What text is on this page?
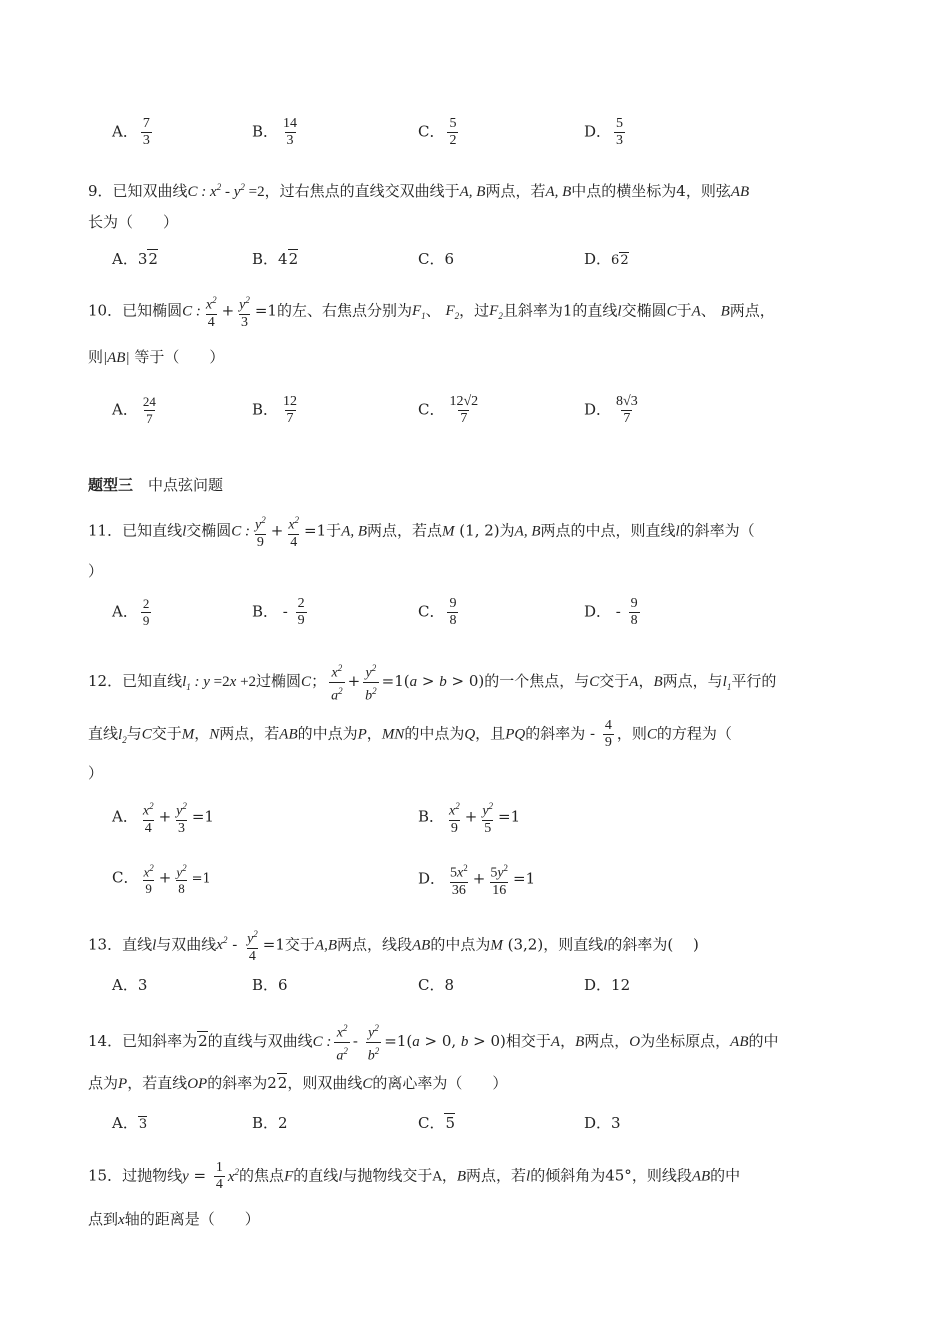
A． $\frac{7}{3}$	B． $\frac{14}{3}$	C． $\frac{5}{2}$	D． $\frac{5}{3}$
9．已知双曲线C : $x^2 - y^2 =2$，过右焦点的直线交双曲线于A, B两点，若A, B中点的横坐标为4，则弦AB
长为（　　）
A．32	B．42	C．6	D．62
10．已知椭圆C : $\frac{x^2}{4} + \frac{y^2}{3} =1$的左、右焦点分别为$F_1$、 $F_2$，过$F_2$且斜率为1的直线l交椭圆C于A、 B两点，
则|AB| 等于（　　）
A． $\frac{24}{7}$	B． $\frac{12}{7}$	C． $\frac{12√2}{7}$	D． $\frac{8√3}{7}$
题型三　 中点弦问题
11．已知直线l交椭圆C : $\frac{y^2}{9} + \frac{x^2}{4} =1$于A, B两点，若点M (1, 2)为A, B两点的中点，则直线l的斜率为（
）
A． $\frac{2}{9}$	B． - $\frac{2}{9}$	C． $\frac{9}{8}$	D． - $\frac{9}{8}$
12．已知直线$l_1$ : y =2x +2过椭圆C； $\frac{x^2}{a^2} + \frac{y^2}{b^2} =1(a > b > 0)$的一个焦点，与C交于A，B两点，与$l_1$平行的
直线$l_2$与C交于M，N两点，若AB的中点为P，MN的中点为Q，且PQ的斜率为 - $\frac{4}{9}$ ，则C的方程为（
）
A． $\frac{x^2}{4} + \frac{y^2}{3} =1$	B． $\frac{x^2}{9} + \frac{y^2}{5} =1$
C． $\frac{x^2}{9} + \frac{y^2}{8} =1$	D． $\frac{5x^2}{36} + \frac{5y^2}{16} =1$
13．直线l与双曲线$x^2 - \frac{y^2}{4} =1$交于A,B两点，线段AB的中点为M (3,2)，则直线l的斜率为(　 )
A．3	B．6	C．8	D．12
14．已知斜率为2的直线与双曲线C : $\frac{x^2}{a^2} - \frac{y^2}{b^2} =1(a > 0$, b > 0)相交于A，B两点，O为坐标原点，AB的中
点为P，若直线OP的斜率为22，则双曲线C的离心率为（　　）
A．3	B．2	C．5	D．3
15．过抛物线$y = \frac{1}{4} x^2$的焦点F的直线l与抛物线交于A，B两点，若l的倾斜角为45°，则线段AB的中
点到x轴的距离是（　　）
